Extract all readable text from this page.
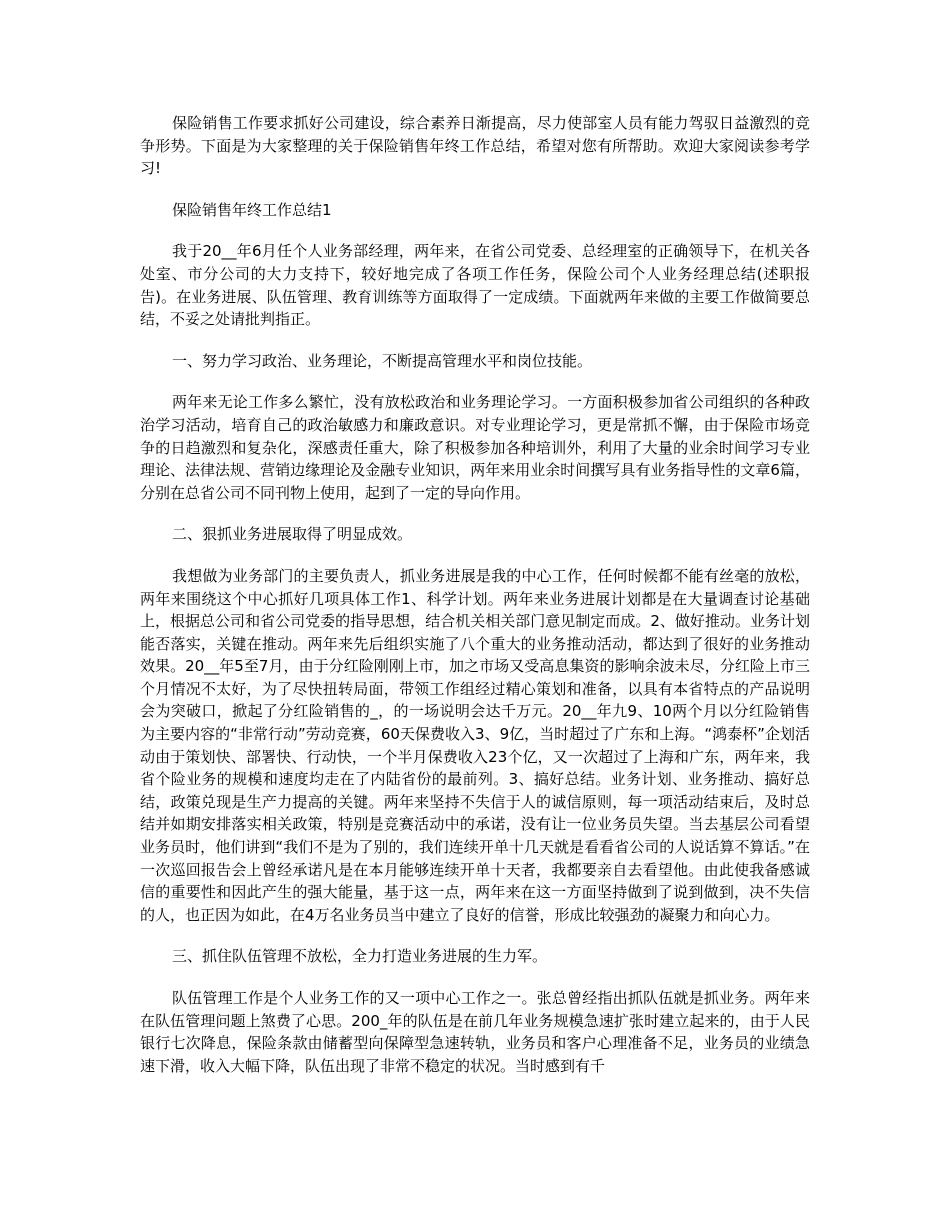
保险销售工作要求抓好公司建设，综合素养日渐提高，尽力使部室人员有能力驾驭日益激烈的竞争形势。下面是为大家整理的关于保险销售年终工作总结，希望对您有所帮助。欢迎大家阅读参考学习!

保险销售年终工作总结1

我于20__年6月任个人业务部经理，两年来，在省公司党委、总经理室的正确领导下，在机关各处室、市分公司的大力支持下，较好地完成了各项工作任务，保险公司个人业务经理总结(述职报告)。在业务进展、队伍管理、教育训练等方面取得了一定成绩。下面就两年来做的主要工作做简要总结，不妥之处请批判指正。

一、努力学习政治、业务理论，不断提高管理水平和岗位技能。

两年来无论工作多么繁忙，没有放松政治和业务理论学习。一方面积极参加省公司组织的各种政治学习活动，培育自己的政治敏感力和廉政意识。对专业理论学习，更是常抓不懈，由于保险市场竞争的日趋激烈和复杂化，深感责任重大，除了积极参加各种培训外，利用了大量的业余时间学习专业理论、法律法规、营销边缘理论及金融专业知识，两年来用业余时间撰写具有业务指导性的文章6篇，分别在总省公司不同刊物上使用，起到了一定的导向作用。

二、狠抓业务进展取得了明显成效。

我想做为业务部门的主要负责人，抓业务进展是我的中心工作，任何时候都不能有丝毫的放松，两年来围绕这个中心抓好几项具体工作1、科学计划。两年来业务进展计划都是在大量调查讨论基础上，根据总公司和省公司党委的指导思想，结合机关相关部门意见制定而成。2、做好推动。业务计划能否落实，关键在推动。两年来先后组织实施了八个重大的业务推动活动，都达到了很好的业务推动效果。20__年5至7月，由于分红险刚刚上市，加之市场又受高息集资的影响余波未尽，分红险上市三个月情况不太好，为了尽快扭转局面，带领工作组经过精心策划和准备，以具有本省特点的产品说明会为突破口，掀起了分红险销售的_，的一场说明会达千万元。20__年九9、10两个月以分红险销售为主要内容的“非常行动”劳动竞赛，60天保费收入3、9亿，当时超过了广东和上海。“鸿泰杯”企划活动由于策划快、部署快、行动快，一个半月保费收入23个亿，又一次超过了上海和广东，两年来，我省个险业务的规模和速度均走在了内陆省份的最前列。3、搞好总结。业务计划、业务推动、搞好总结，政策兑现是生产力提高的关键。两年来坚持不失信于人的诚信原则，每一项活动结束后，及时总结并如期安排落实相关政策，特别是竞赛活动中的承诺，没有让一位业务员失望。当去基层公司看望业务员时，他们讲到“我们不是为了别的，我们连续开单十几天就是看看省公司的人说话算不算话。”在一次巡回报告会上曾经承诺凡是在本月能够连续开单十天者，我都要亲自去看望他。由此使我备感诚信的重要性和因此产生的强大能量，基于这一点，两年来在这一方面坚持做到了说到做到，决不失信的人，也正因为如此，在4万名业务员当中建立了良好的信誉，形成比较强劲的凝聚力和向心力。

三、抓住队伍管理不放松，全力打造业务进展的生力军。

队伍管理工作是个人业务工作的又一项中心工作之一。张总曾经指出抓队伍就是抓业务。两年来在队伍管理问题上煞费了心思。200_年的队伍是在前几年业务规模急速扩张时建立起来的，由于人民银行七次降息，保险条款由储蓄型向保障型急速转轨，业务员和客户心理准备不足，业务员的业绩急速下滑，收入大幅下降，队伍出现了非常不稳定的状况。当时感到有千
